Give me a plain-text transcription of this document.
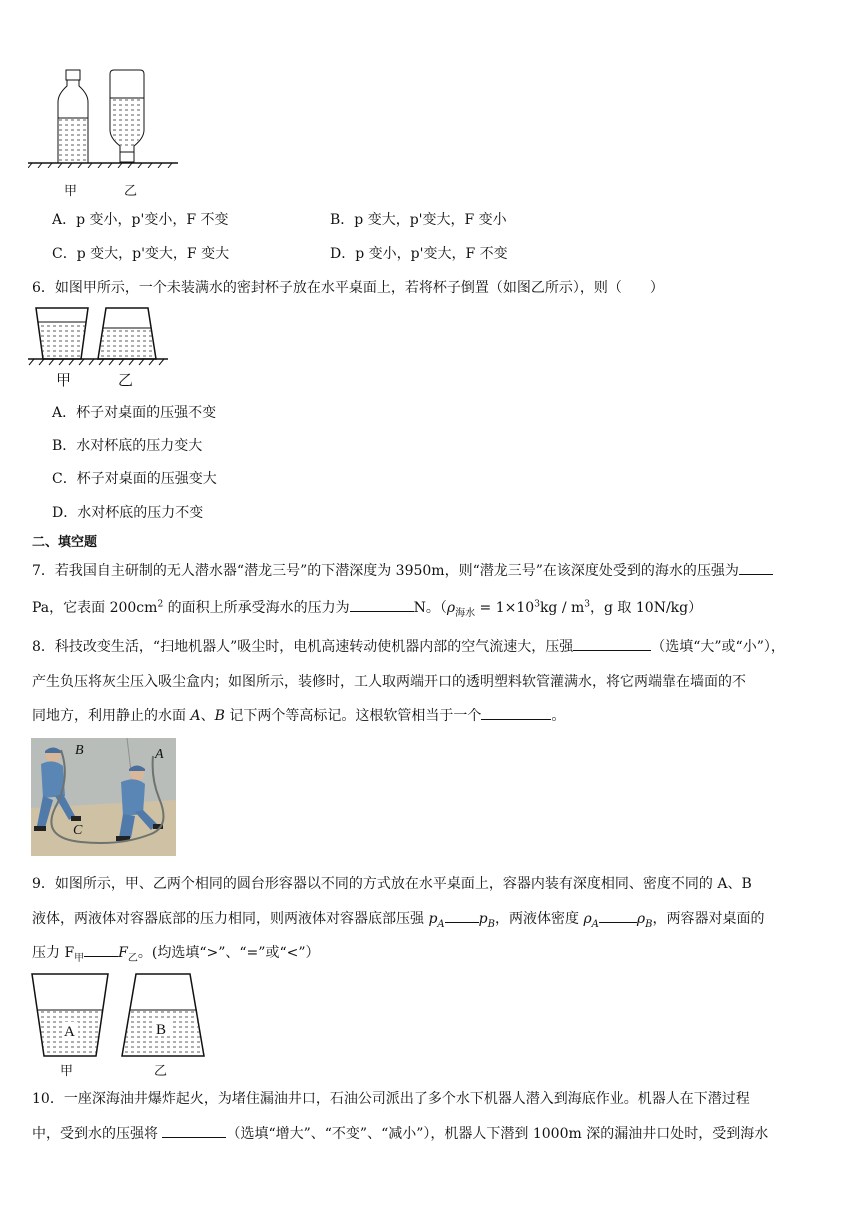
甲	乙
A．p 变小，p'变小，F 不变	B．p 变大，p'变大，F 变小
C．p 变大，p'变大，F 变大	D．p 变小，p'变大，F 不变
6．如图甲所示，一个未装满水的密封杯子放在水平桌面上，若将杯子倒置（如图乙所示），则（　　）
甲	乙
A．杯子对桌面的压强不变
B．水对杯底的压力变大
C．杯子对桌面的压强变大
D．水对杯底的压力不变
二、填空题
7．若我国自主研制的无人潜水器“潜龙三号”的下潜深度为 3950m，则“潜龙三号”在该深度处受到的海水的压强为
Pa，它表面 $200cm^2$ 的面积上所承受海水的压力为	N。（$\rho_{海水} = 1\times 10^3kg / m^3$，g 取 10N/kg）
8．科技改变生活，“扫地机器人”吸尘时，电机高速转动使机器内部的空气流速大，压强	（选填“大”或“小”），
产生负压将灰尘压入吸尘盒内；如图所示，装修时，工人取两端开口的透明塑料软管灌满水，将它两端靠在墙面的不
同地方，利用静止的水面 A、B 记下两个等高标记。这根软管相当于一个	。
B	A
C
9．如图所示，甲、乙两个相同的圆台形容器以不同的方式放在水平桌面上，容器内装有深度相同、密度不同的 A、B
液体，两液体对容器底部的压力相同，则两液体对容器底部压强 $p_A$ $p_B$，两液体密度 $\rho_A$	$\rho_B$，两容器对桌面的
压力 $F_甲$ $F_乙$。(均选填“>”、“=”或“<”）
A	B
甲	乙
10．一座深海油井爆炸起火，为堵住漏油井口，石油公司派出了多个水下机器人潜入到海底作业。机器人在下潜过程
中，受到水的压强将	（选填“增大”、“不变”、“减小”），机器人下潜到 1000m 深的漏油井口处时，受到海水
